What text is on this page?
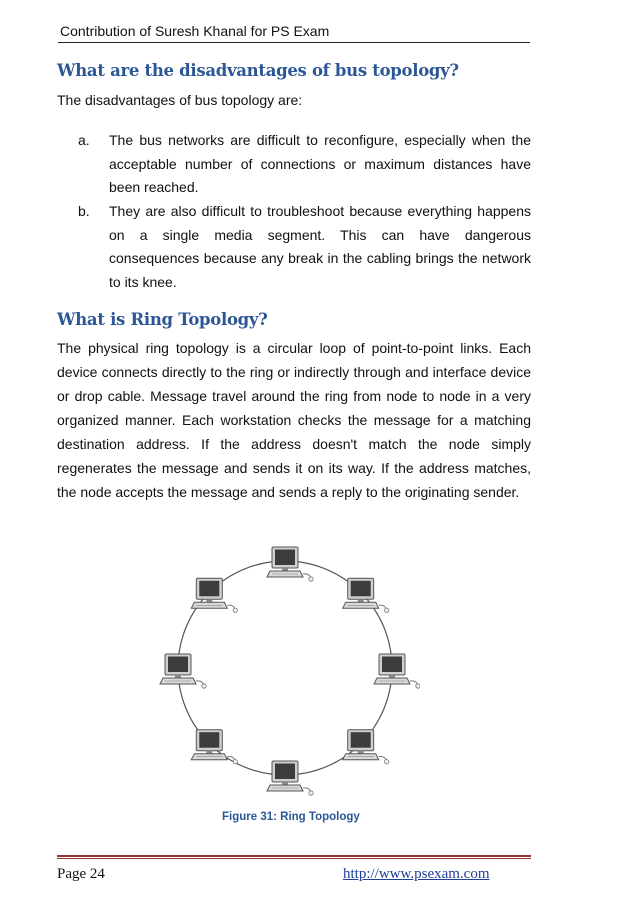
Contribution of Suresh Khanal for PS Exam
What are the disadvantages of bus topology?
The disadvantages of bus topology are:
a.	The bus networks are difficult to reconfigure, especially when the acceptable number of connections or maximum distances have been reached.
b.	They are also difficult to troubleshoot because everything happens on a single media segment. This can have dangerous consequences because any break in the cabling brings the network to its knee.
What is Ring Topology?
The physical ring topology is a circular loop of point-to-point links. Each device connects directly to the ring or indirectly through and interface device or drop cable. Message travel around the ring from node to node in a very organized manner. Each workstation checks the message for a matching destination address. If the address doesn't match the node simply regenerates the message and sends it on its way. If the address matches, the node accepts the message and sends a reply to the originating sender.
Figure 31: Ring Topology
Page 24	http://www.psexam.com
